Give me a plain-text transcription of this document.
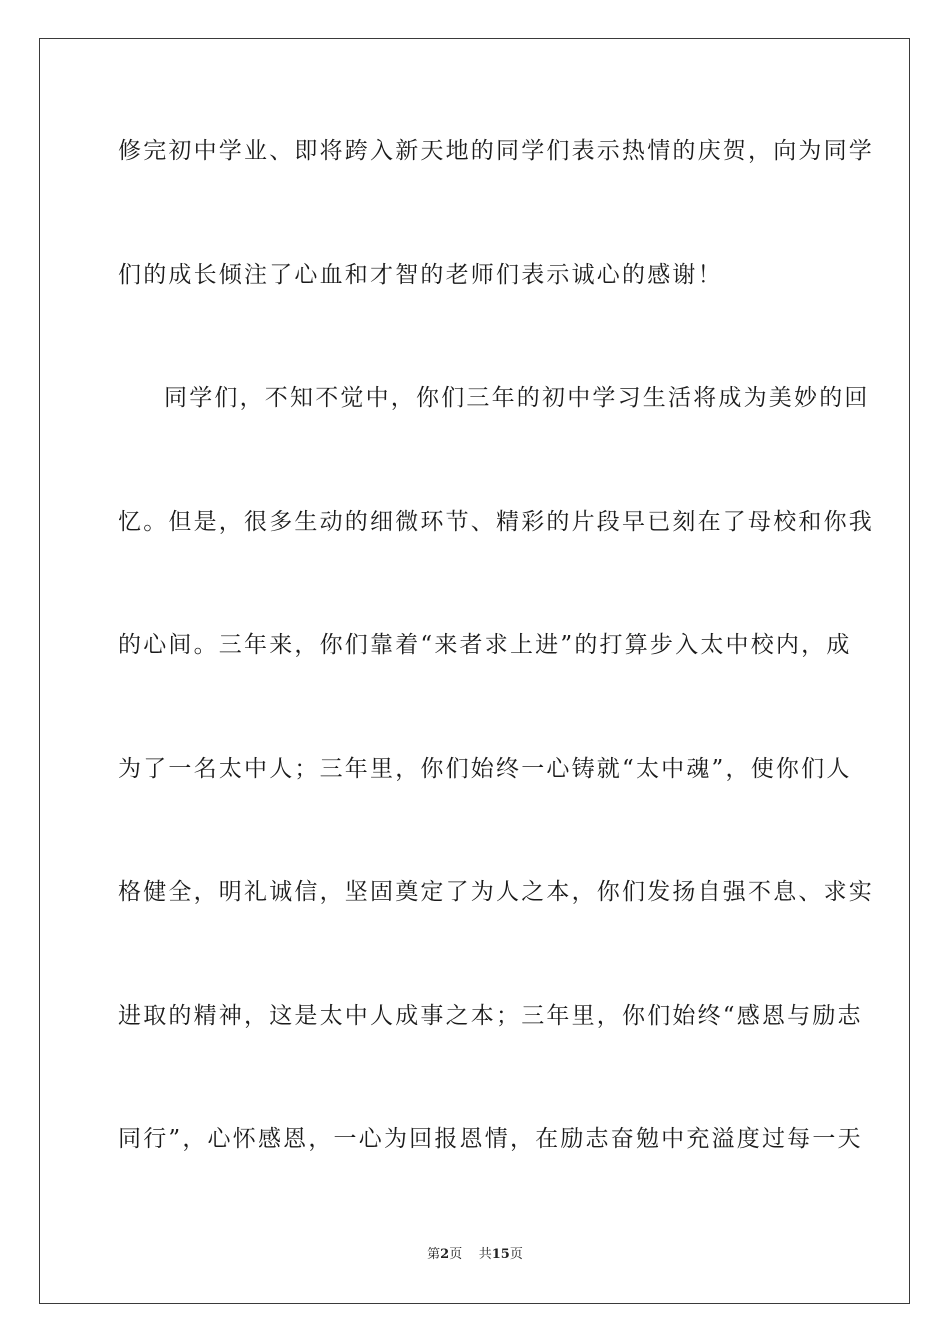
修完初中学业、即将跨入新天地的同学们表示热情的庆贺，向为同学
们的成长倾注了心血和才智的老师们表示诚心的感谢！
同学们，不知不觉中，你们三年的初中学习生活将成为美妙的回
忆。但是，很多生动的细微环节、精彩的片段早已刻在了母校和你我
的心间。三年来，你们靠着“来者求上进”的打算步入太中校内，成
为了一名太中人；三年里，你们始终一心铸就“太中魂”，使你们人
格健全，明礼诚信，坚固奠定了为人之本，你们发扬自强不息、求实
进取的精神，这是太中人成事之本；三年里，你们始终“感恩与励志
同行”，心怀感恩，一心为回报恩情，在励志奋勉中充溢度过每一天
第2页 共15页
